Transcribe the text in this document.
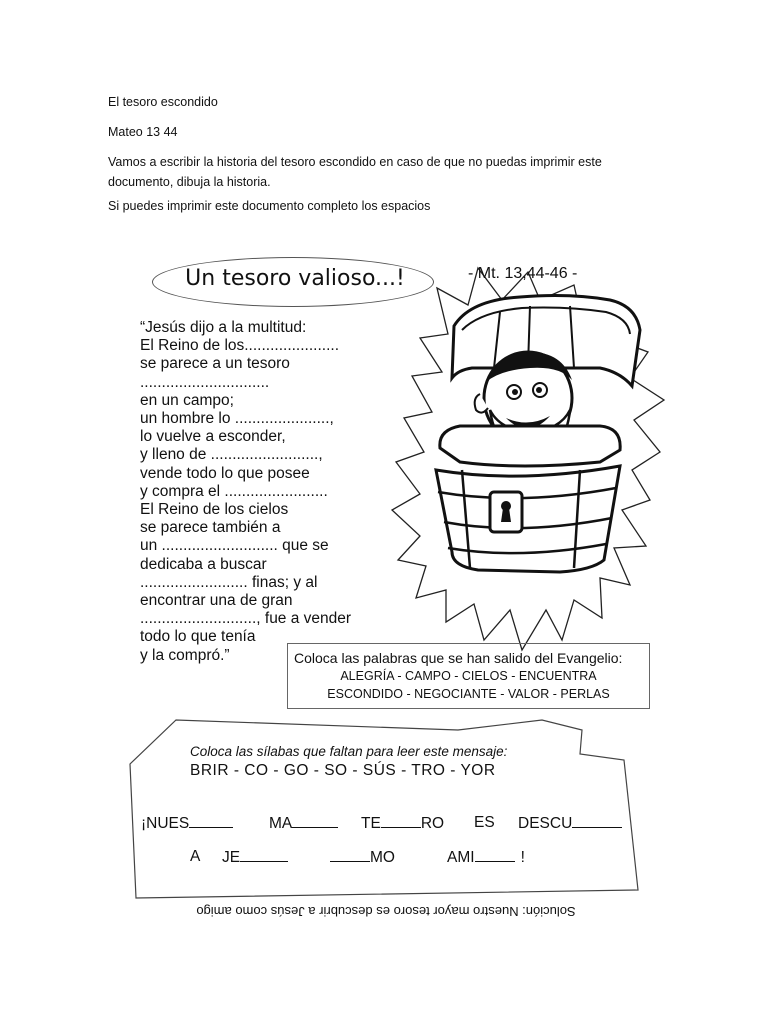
El tesoro escondido
Mateo 13 44
Vamos a escribir la historia del tesoro escondido en caso de que no puedas imprimir este documento, dibuja la historia.
Si puedes imprimir este documento completo los espacios
Un tesoro valioso...!	- Mt. 13,44-46 -
“Jesús dijo a la multitud:
El Reino de los......................
se parece a un tesoro
..............................
en un campo;
un hombre lo ......................,
lo vuelve a esconder,
y lleno de .........................,
vende todo lo que posee
y compra el ........................
El Reino de los cielos
se parece también a
un ........................... que se
dedicaba a buscar
......................... finas; y al
encontrar una de gran
..........................., fue a vender
todo lo que tenía
y la compró.”	Coloca las palabras que se han salido del Evangelio:
ALEGRÍA - CAMPO - CIELOS - ENCUENTRA
ESCONDIDO - NEGOCIANTE - VALOR - PERLAS
Coloca las sílabas que faltan para leer este mensaje:
BRIR - CO - GO - SO - SÚS - TRO - YOR
¡NUES	MA	TE	RO ES DESCU
A JE	MO	AMI	!
Solución: Nuestro mayor tesoro es descubrir a Jesús como amigo
